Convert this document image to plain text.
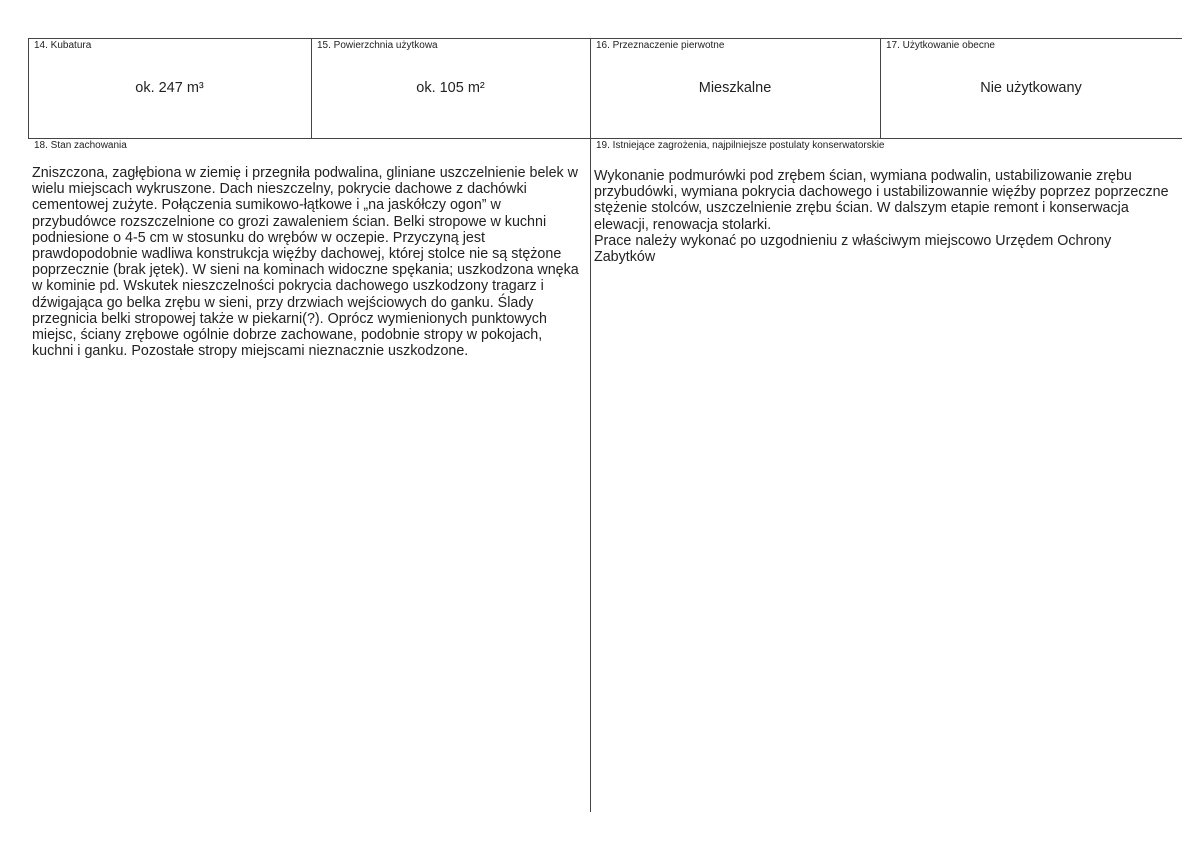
14. Kubatura
ok. 247 m³
15. Powierzchnia użytkowa
ok. 105 m²
16. Przeznaczenie pierwotne
Mieszkalne
17. Użytkowanie obecne
Nie użytkowany
18. Stan zachowania

Zniszczona, zagłębiona w ziemię i przegniła podwalina, gliniane uszczelnienie belek w wielu miejscach wykruszone. Dach nieszczelny, pokrycie dachowe z dachówki cementowej zużyte. Połączenia sumikowo-łątkowe i „na jaskółczy ogon” w przybudówce rozszczelnione co grozi zawaleniem ścian. Belki stropowe w kuchni podniesione o 4-5 cm w stosunku do wrębów w oczepie. Przyczyną jest prawdopodobnie wadliwa konstrukcja więźby dachowej, której stolce nie są stężone poprzecznie (brak jętek). W sieni na kominach widoczne spękania; uszkodzona wnęka w kominie pd. Wskutek nieszczelności pokrycia dachowego uszkodzony tragarz i dźwigająca go belka zrębu w sieni, przy drzwiach wejściowych do ganku. Ślady przegnicia belki stropowej także w piekarni(?). Oprócz wymienionych punktowych miejsc, ściany zrębowe ogólnie dobrze zachowane, podobnie stropy w pokojach, kuchni i ganku. Pozostałe stropy miejscami nieznacznie uszkodzone.

19. Istniejące zagrożenia, najpilniejsze postulaty konserwatorskie

Wykonanie podmurówki pod zrębem ścian, wymiana podwalin, ustabilizowanie zrębu przybudówki, wymiana pokrycia dachowego i ustabilizowannie więźby poprzez poprzeczne stężenie stolców, uszczelnienie zrębu ścian. W dalszym etapie remont i konserwacja elewacji, renowacja stolarki.

Prace należy wykonać po uzgodnieniu z właściwym miejscowo Urzędem Ochrony Zabytków
